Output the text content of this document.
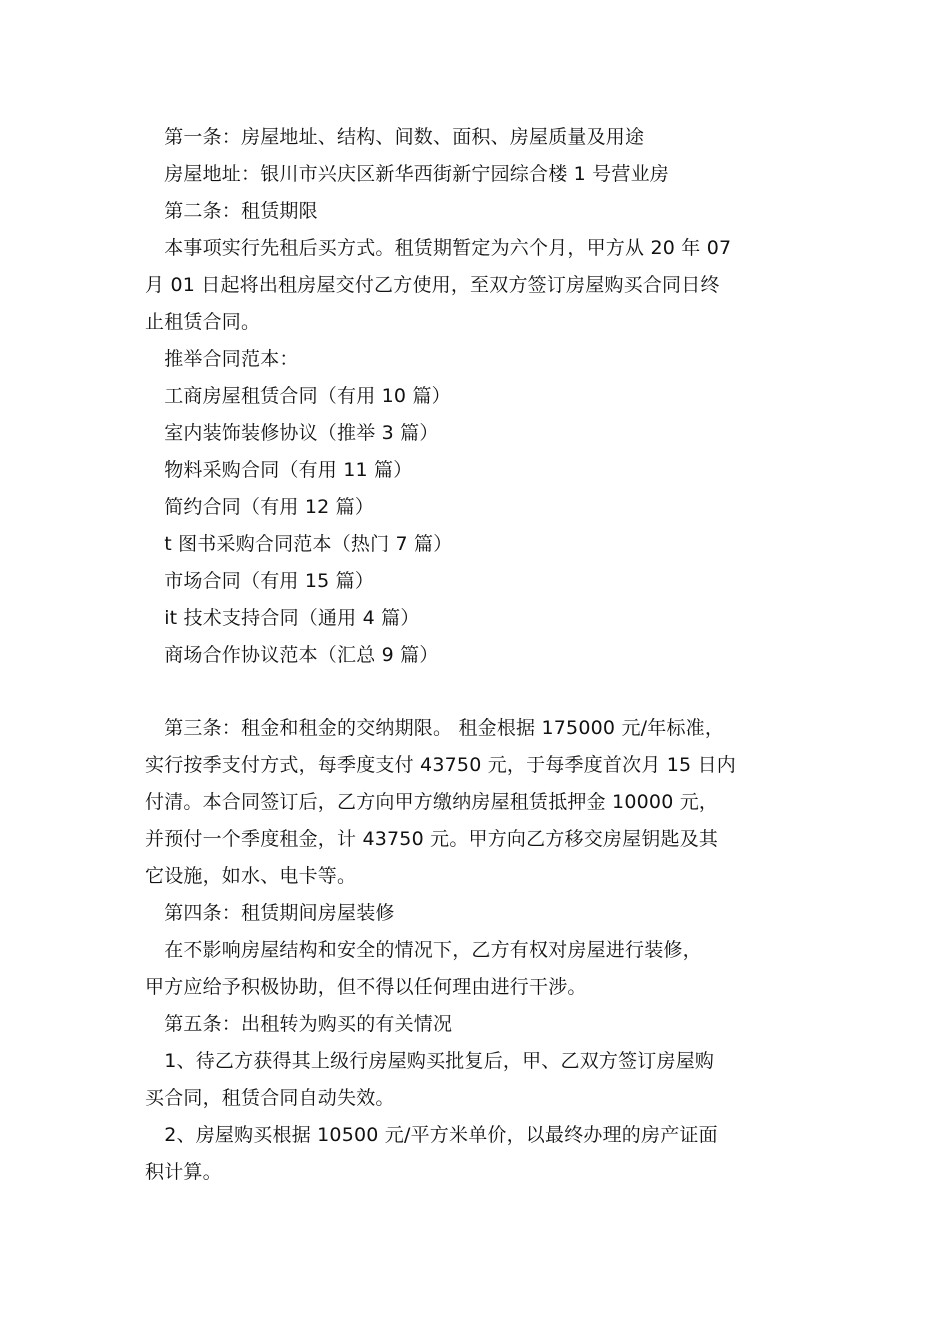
　第一条：房屋地址、结构、间数、面积、房屋质量及用途
　房屋地址：银川市兴庆区新华西街新宁园综合楼 1 号营业房
　第二条：租赁期限
　本事项实行先租后买方式。租赁期暂定为六个月，甲方从 20 年 07
月 01 日起将出租房屋交付乙方使用，至双方签订房屋购买合同日终
止租赁合同。
　推举合同范本：
　工商房屋租赁合同（有用 10 篇）
　室内装饰装修协议（推举 3 篇）
　物料采购合同（有用 11 篇）
　简约合同（有用 12 篇）
　t 图书采购合同范本（热门 7 篇）
　市场合同（有用 15 篇）
　it 技术支持合同（通用 4 篇）
　商场合作协议范本（汇总 9 篇）
　第三条：租金和租金的交纳期限。 租金根据 175000 元/年标准，
实行按季支付方式，每季度支付 43750 元，于每季度首次月 15 日内
付清。本合同签订后，乙方向甲方缴纳房屋租赁抵押金 10000 元，
并预付一个季度租金，计 43750 元。甲方向乙方移交房屋钥匙及其
它设施，如水、电卡等。
　第四条：租赁期间房屋装修
　在不影响房屋结构和安全的情况下，乙方有权对房屋进行装修，
甲方应给予积极协助，但不得以任何理由进行干涉。
　第五条：出租转为购买的有关情况
　1、待乙方获得其上级行房屋购买批复后，甲、乙双方签订房屋购
买合同，租赁合同自动失效。
　2、房屋购买根据 10500 元/平方米单价，以最终办理的房产证面
积计算。
